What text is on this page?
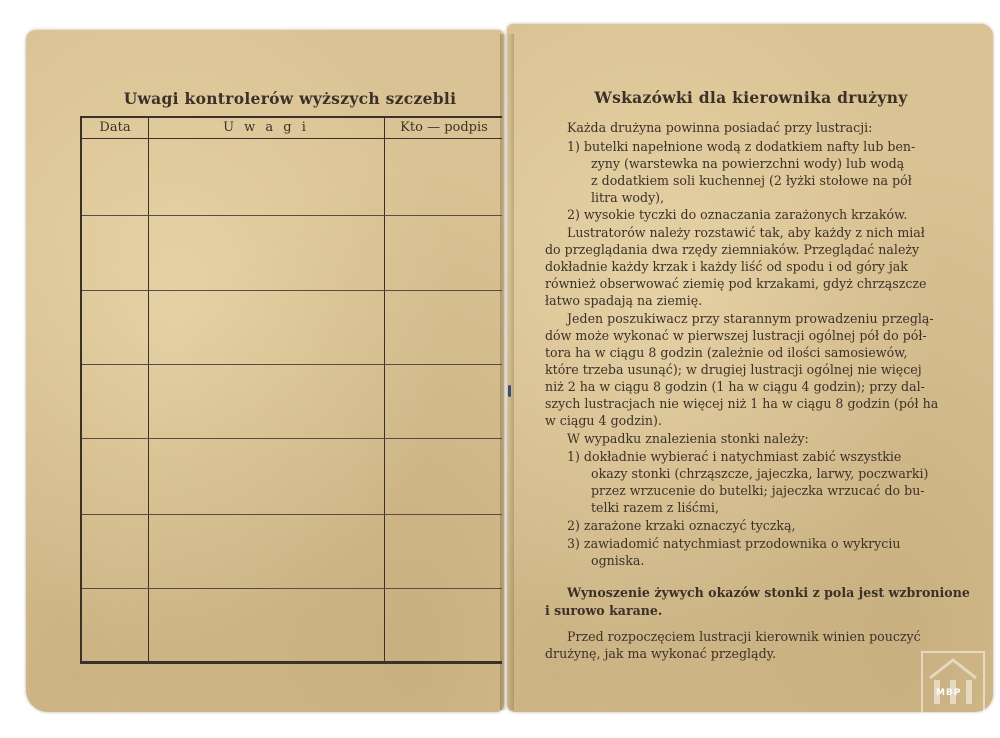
Uwagi kontrolerów wyższych szczebli
Data	U w a g i	Kto — podpis
Wskazówki dla kierownika drużyny
Każda drużyna powinna posiadać przy lustracji:
1) butelki napełnione wodą z dodatkiem nafty lub ben-
zyny (warstewka na powierzchni wody) lub wodą
z dodatkiem soli kuchennej (2 łyżki stołowe na pół
litra wody),
2) wysokie tyczki do oznaczania zarażonych krzaków.
Lustratorów należy rozstawić tak, aby każdy z nich miał
do przeglądania dwa rzędy ziemniaków. Przeglądać należy
dokładnie każdy krzak i każdy liść od spodu i od góry jak
również obserwować ziemię pod krzakami, gdyż chrząszcze
łatwo spadają na ziemię.
Jeden poszukiwacz przy starannym prowadzeniu przeglą-
dów może wykonać w pierwszej lustracji ogólnej pół do pół-
tora ha w ciągu 8 godzin (zależnie od ilości samosiewów,
które trzeba usunąć); w drugiej lustracji ogólnej nie więcej
niż 2 ha w ciągu 8 godzin (1 ha w ciągu 4 godzin); przy dal-
szych lustracjach nie więcej niż 1 ha w ciągu 8 godzin (pół ha
w ciągu 4 godzin).
W wypadku znalezienia stonki należy:
1) dokładnie wybierać i natychmiast zabić wszystkie
okazy stonki (chrząszcze, jajeczka, larwy, poczwarki)
przez wrzucenie do butelki; jajeczka wrzucać do bu-
telki razem z liśćmi,
2) zarażone krzaki oznaczyć tyczką,
3) zawiadomić natychmiast przodownika o wykryciu
ogniska.
Wynoszenie żywych okazów stonki z pola jest wzbronione
i surowo karane.
Przed rozpoczęciem lustracji kierownik winien pouczyć
drużynę, jak ma wykonać przeglądy.
MBP
